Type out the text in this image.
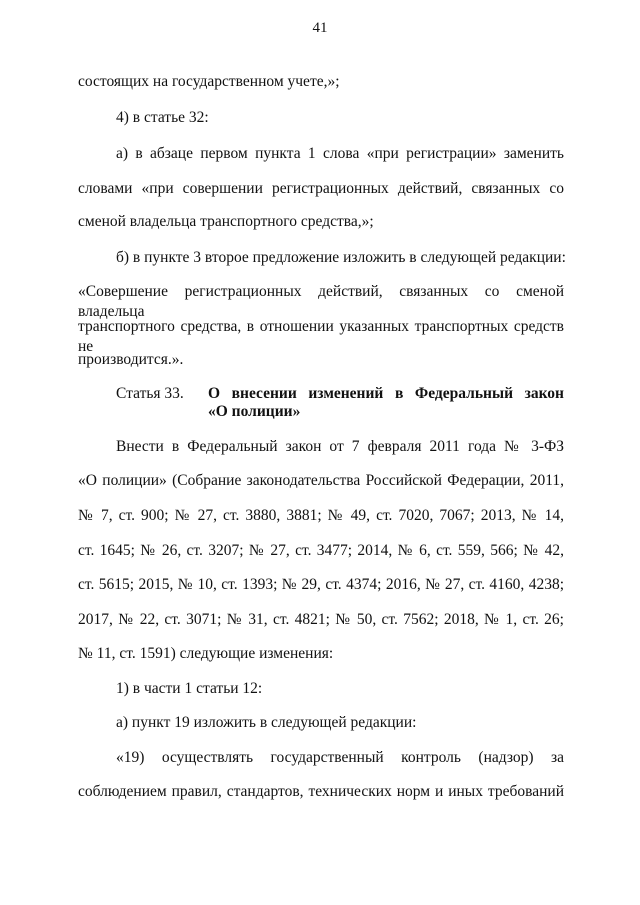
41
состоящих на государственном учете,»;
4) в статье 32:
а) в абзаце первом пункта 1 слова «при регистрации» заменить
словами «при совершении регистрационных действий, связанных со
сменой владельца транспортного средства,»;
б) в пункте 3 второе предложение изложить в следующей редакции:
«Совершение регистрационных действий, связанных со сменой владельца
транспортного средства, в отношении указанных транспортных средств не
производится.».
Статья 33.	О внесении изменений в Федеральный закон
«О полиции»
Внести в Федеральный закон от 7 февраля 2011 года № 3-ФЗ
«О полиции» (Собрание законодательства Российской Федерации, 2011,
№ 7, ст. 900; № 27, ст. 3880, 3881; № 49, ст. 7020, 7067; 2013, № 14,
ст. 1645; № 26, ст. 3207; № 27, ст. 3477; 2014, № 6, ст. 559, 566; № 42,
ст. 5615; 2015, № 10, ст. 1393; № 29, ст. 4374; 2016, № 27, ст. 4160, 4238;
2017, № 22, ст. 3071; № 31, ст. 4821; № 50, ст. 7562; 2018, № 1, ст. 26;
№ 11, ст. 1591) следующие изменения:
1) в части 1 статьи 12:
а) пункт 19 изложить в следующей редакции:
«19) осуществлять государственный контроль (надзор) за
соблюдением правил, стандартов, технических норм и иных требований
